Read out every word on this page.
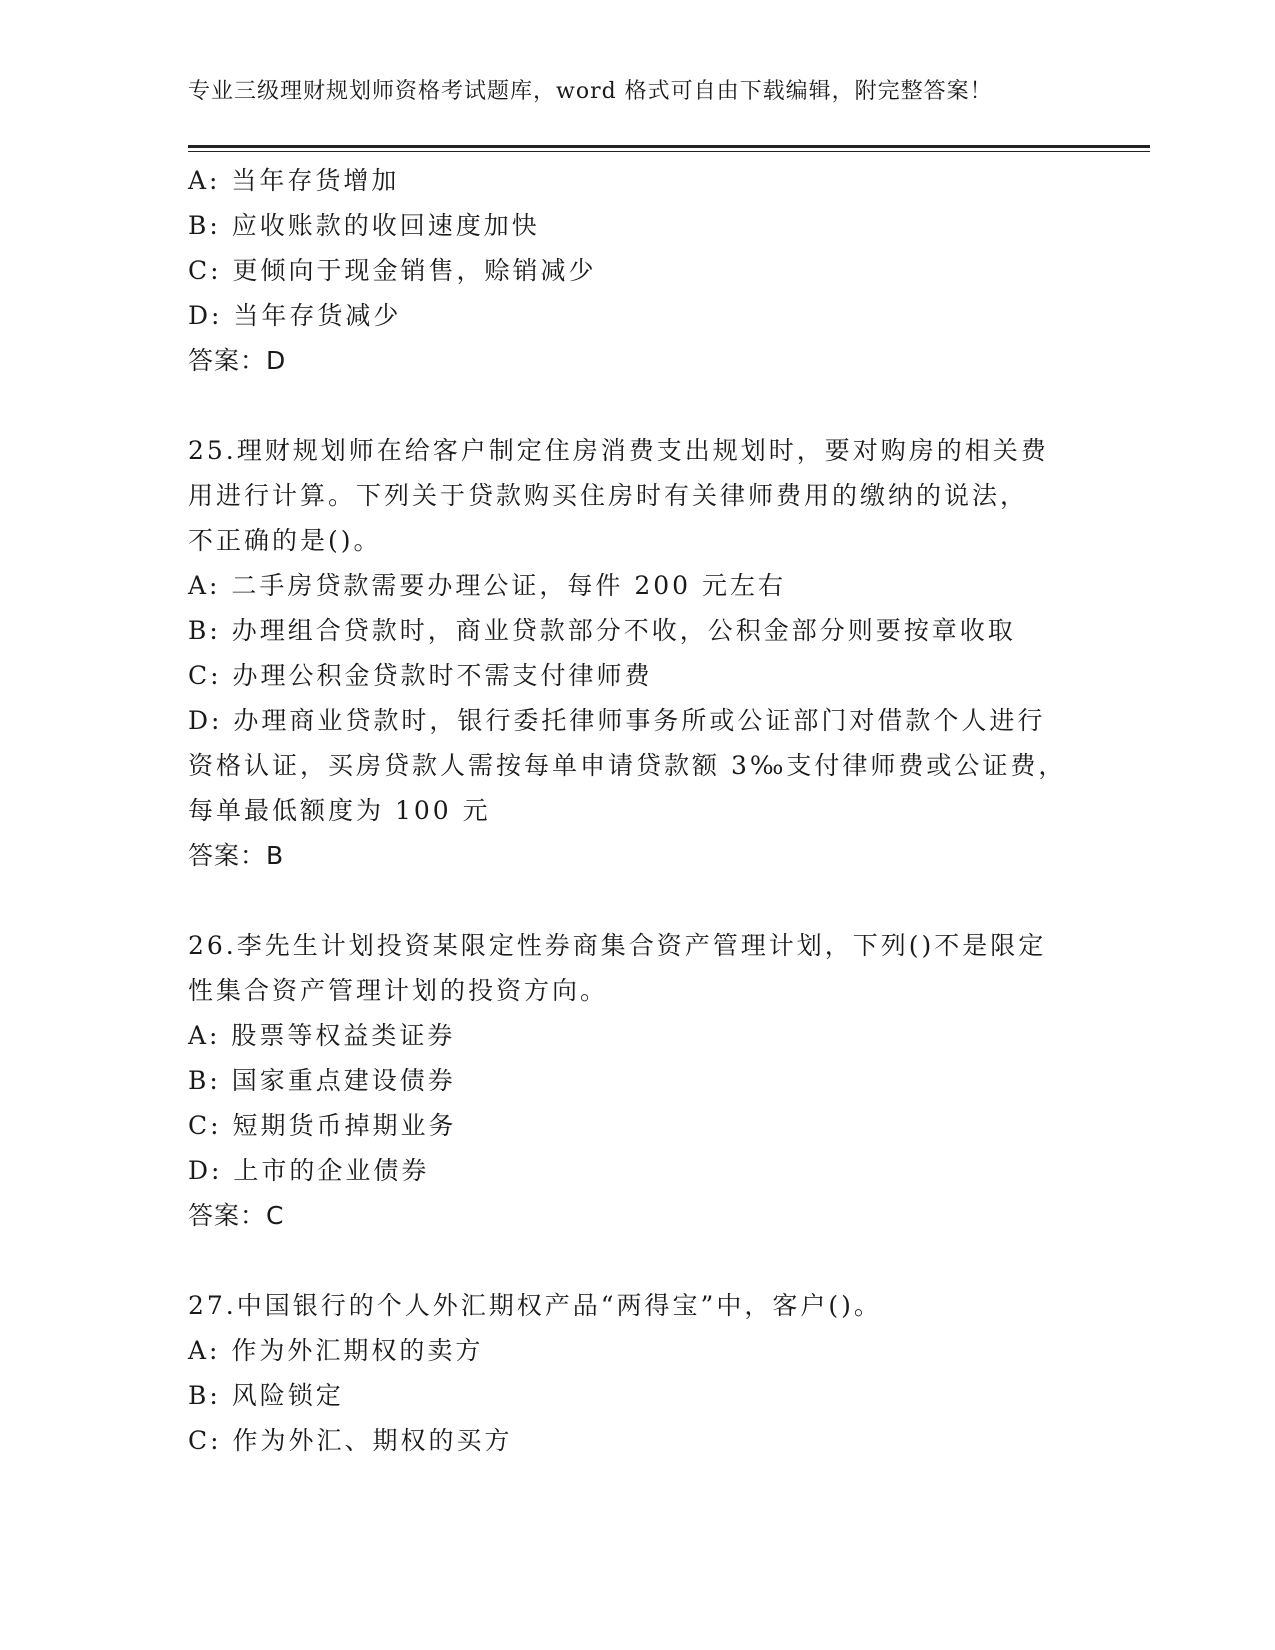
专业三级理财规划师资格考试题库，word 格式可自由下载编辑，附完整答案！
A: 当年存货增加
B: 应收账款的收回速度加快
C: 更倾向于现金销售，赊销减少
D: 当年存货减少
答案：D
25.理财规划师在给客户制定住房消费支出规划时，要对购房的相关费
用进行计算。下列关于贷款购买住房时有关律师费用的缴纳的说法，
不正确的是()。
A: 二手房贷款需要办理公证，每件 200 元左右
B: 办理组合贷款时，商业贷款部分不收，公积金部分则要按章收取
C: 办理公积金贷款时不需支付律师费
D: 办理商业贷款时，银行委托律师事务所或公证部门对借款个人进行
资格认证，买房贷款人需按每单申请贷款额 3‰支付律师费或公证费，
每单最低额度为 100 元
答案：B
26.李先生计划投资某限定性券商集合资产管理计划，下列()不是限定
性集合资产管理计划的投资方向。
A: 股票等权益类证券
B: 国家重点建设债券
C: 短期货币掉期业务
D: 上市的企业债券
答案：C
27.中国银行的个人外汇期权产品“两得宝”中，客户()。
A: 作为外汇期权的卖方
B: 风险锁定
C: 作为外汇、期权的买方
